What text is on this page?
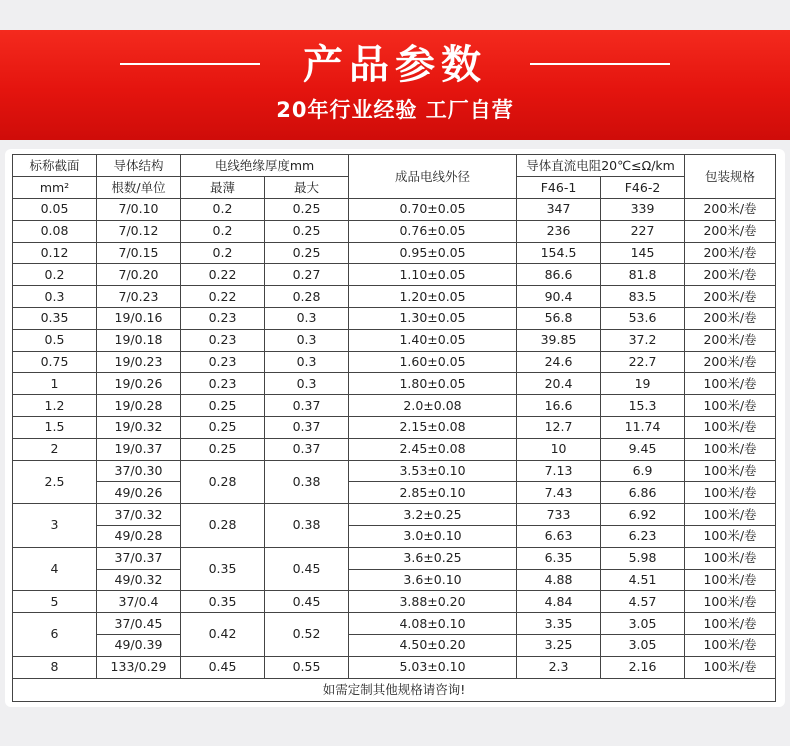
产品参数
20年行业经验 工厂自营
标称截面	导体结构	电线绝缘厚度mm		成品电线外径	导体直流电阻20℃≤Ω/km		包装规格
mm²	根数/单位	最薄	最大		F46-1	F46-2	
0.05	7/0.10	0.2	0.25	0.70±0.05	347	339	200米/卷
0.08	7/0.12	0.2	0.25	0.76±0.05	236	227	200米/卷
0.12	7/0.15	0.2	0.25	0.95±0.05	154.5	145	200米/卷
0.2	7/0.20	0.22	0.27	1.10±0.05	86.6	81.8	200米/卷
0.3	7/0.23	0.22	0.28	1.20±0.05	90.4	83.5	200米/卷
0.35	19/0.16	0.23	0.3	1.30±0.05	56.8	53.6	200米/卷
0.5	19/0.18	0.23	0.3	1.40±0.05	39.85	37.2	200米/卷
0.75	19/0.23	0.23	0.3	1.60±0.05	24.6	22.7	200米/卷
1	19/0.26	0.23	0.3	1.80±0.05	20.4	19	100米/卷
1.2	19/0.28	0.25	0.37	2.0±0.08	16.6	15.3	100米/卷
1.5	19/0.32	0.25	0.37	2.15±0.08	12.7	11.74	100米/卷
2	19/0.37	0.25	0.37	2.45±0.08	10	9.45	100米/卷
2.5	37/0.30	0.28	0.38	3.53±0.10	7.13	6.9	100米/卷
	49/0.26			2.85±0.10	7.43	6.86	100米/卷
3	37/0.32	0.28	0.38	3.2±0.25	733	6.92	100米/卷
	49/0.28			3.0±0.10	6.63	6.23	100米/卷
4	37/0.37	0.35	0.45	3.6±0.25	6.35	5.98	100米/卷
	49/0.32			3.6±0.10	4.88	4.51	100米/卷
5	37/0.4	0.35	0.45	3.88±0.20	4.84	4.57	100米/卷
6	37/0.45	0.42	0.52	4.08±0.10	3.35	3.05	100米/卷
	49/0.39			4.50±0.20	3.25	3.05	100米/卷
8	133/0.29	0.45	0.55	5.03±0.10	2.3	2.16	100米/卷
如需定制其他规格请咨询!							
